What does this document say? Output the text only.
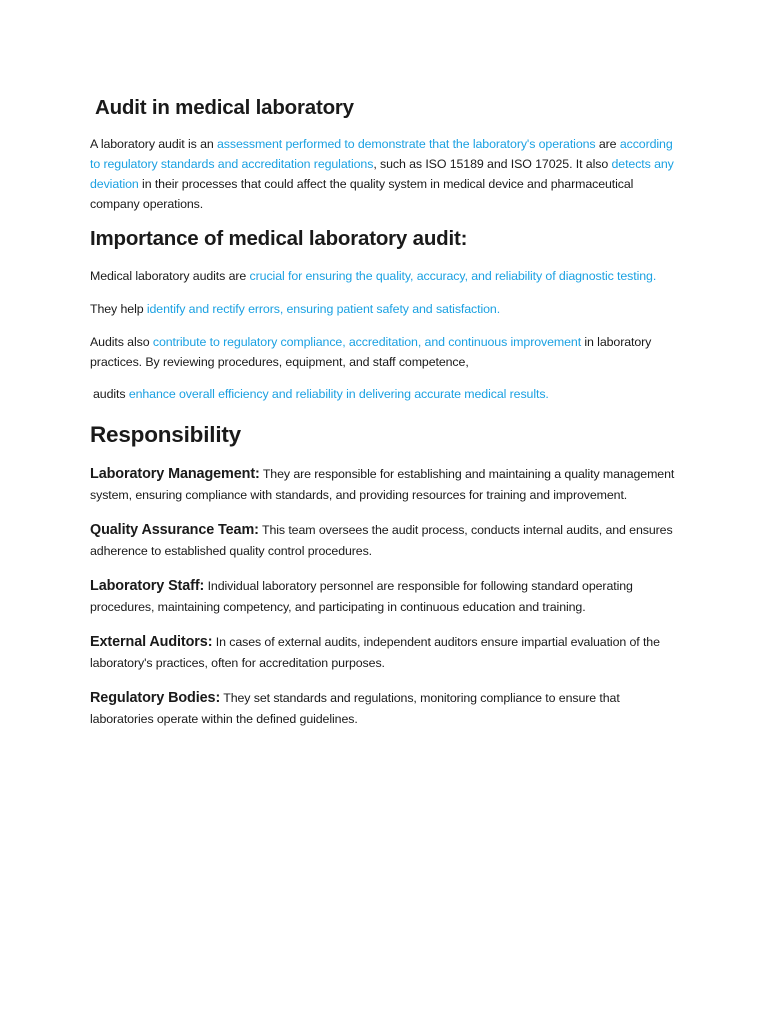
Audit in medical laboratory

A laboratory audit is an assessment performed to demonstrate that the laboratory's operations are according to regulatory standards and accreditation regulations, such as ISO 15189 and ISO 17025. It also detects any deviation in their processes that could affect the quality system in medical device and pharmaceutical company operations.

Importance of medical laboratory audit:

Medical laboratory audits are crucial for ensuring the quality, accuracy, and reliability of diagnostic testing.

They help identify and rectify errors, ensuring patient safety and satisfaction.

Audits also contribute to regulatory compliance, accreditation, and continuous improvement in laboratory practices. By reviewing procedures, equipment, and staff competence,

audits enhance overall efficiency and reliability in delivering accurate medical results.

Responsibility

Laboratory Management: They are responsible for establishing and maintaining a quality management system, ensuring compliance with standards, and providing resources for training and improvement.

Quality Assurance Team: This team oversees the audit process, conducts internal audits, and ensures adherence to established quality control procedures.

Laboratory Staff: Individual laboratory personnel are responsible for following standard operating procedures, maintaining competency, and participating in continuous education and training.

External Auditors: In cases of external audits, independent auditors ensure impartial evaluation of the laboratory's practices, often for accreditation purposes.

Regulatory Bodies: They set standards and regulations, monitoring compliance to ensure that laboratories operate within the defined guidelines.
